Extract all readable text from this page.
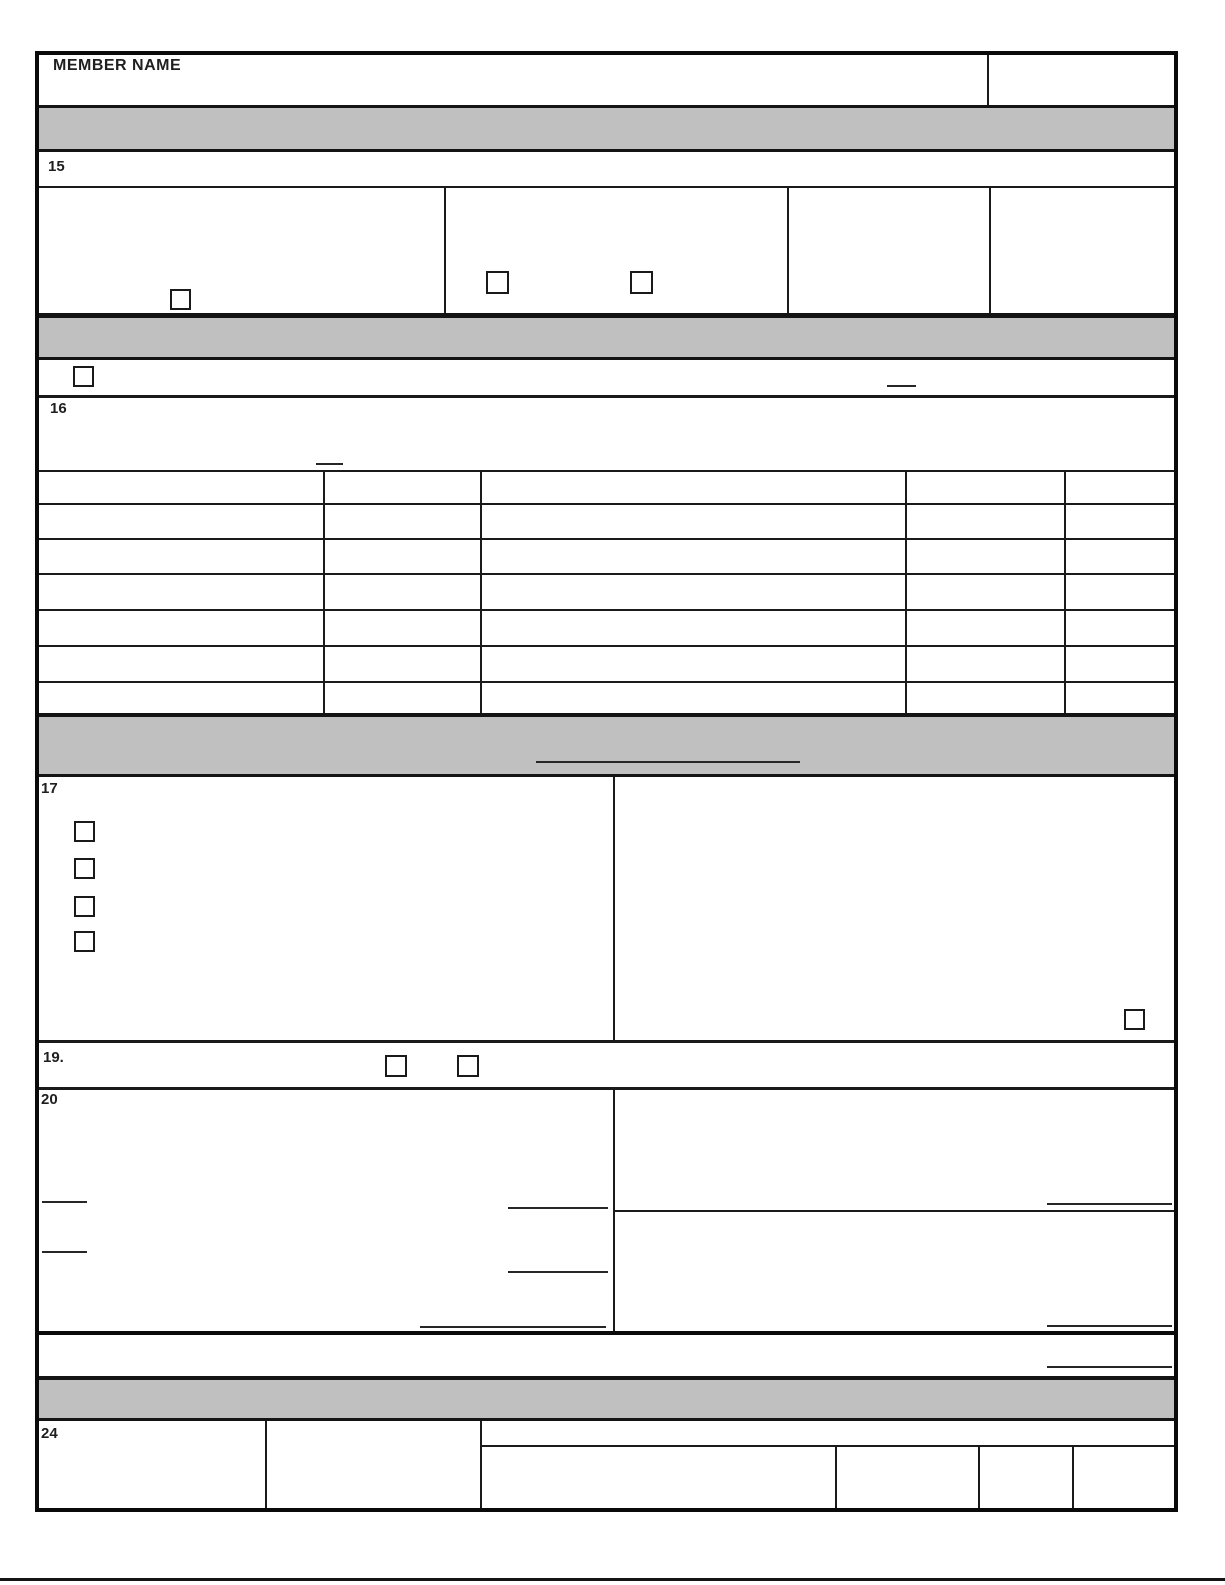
MEMBER NAME
15
16
17
19.
20
24
